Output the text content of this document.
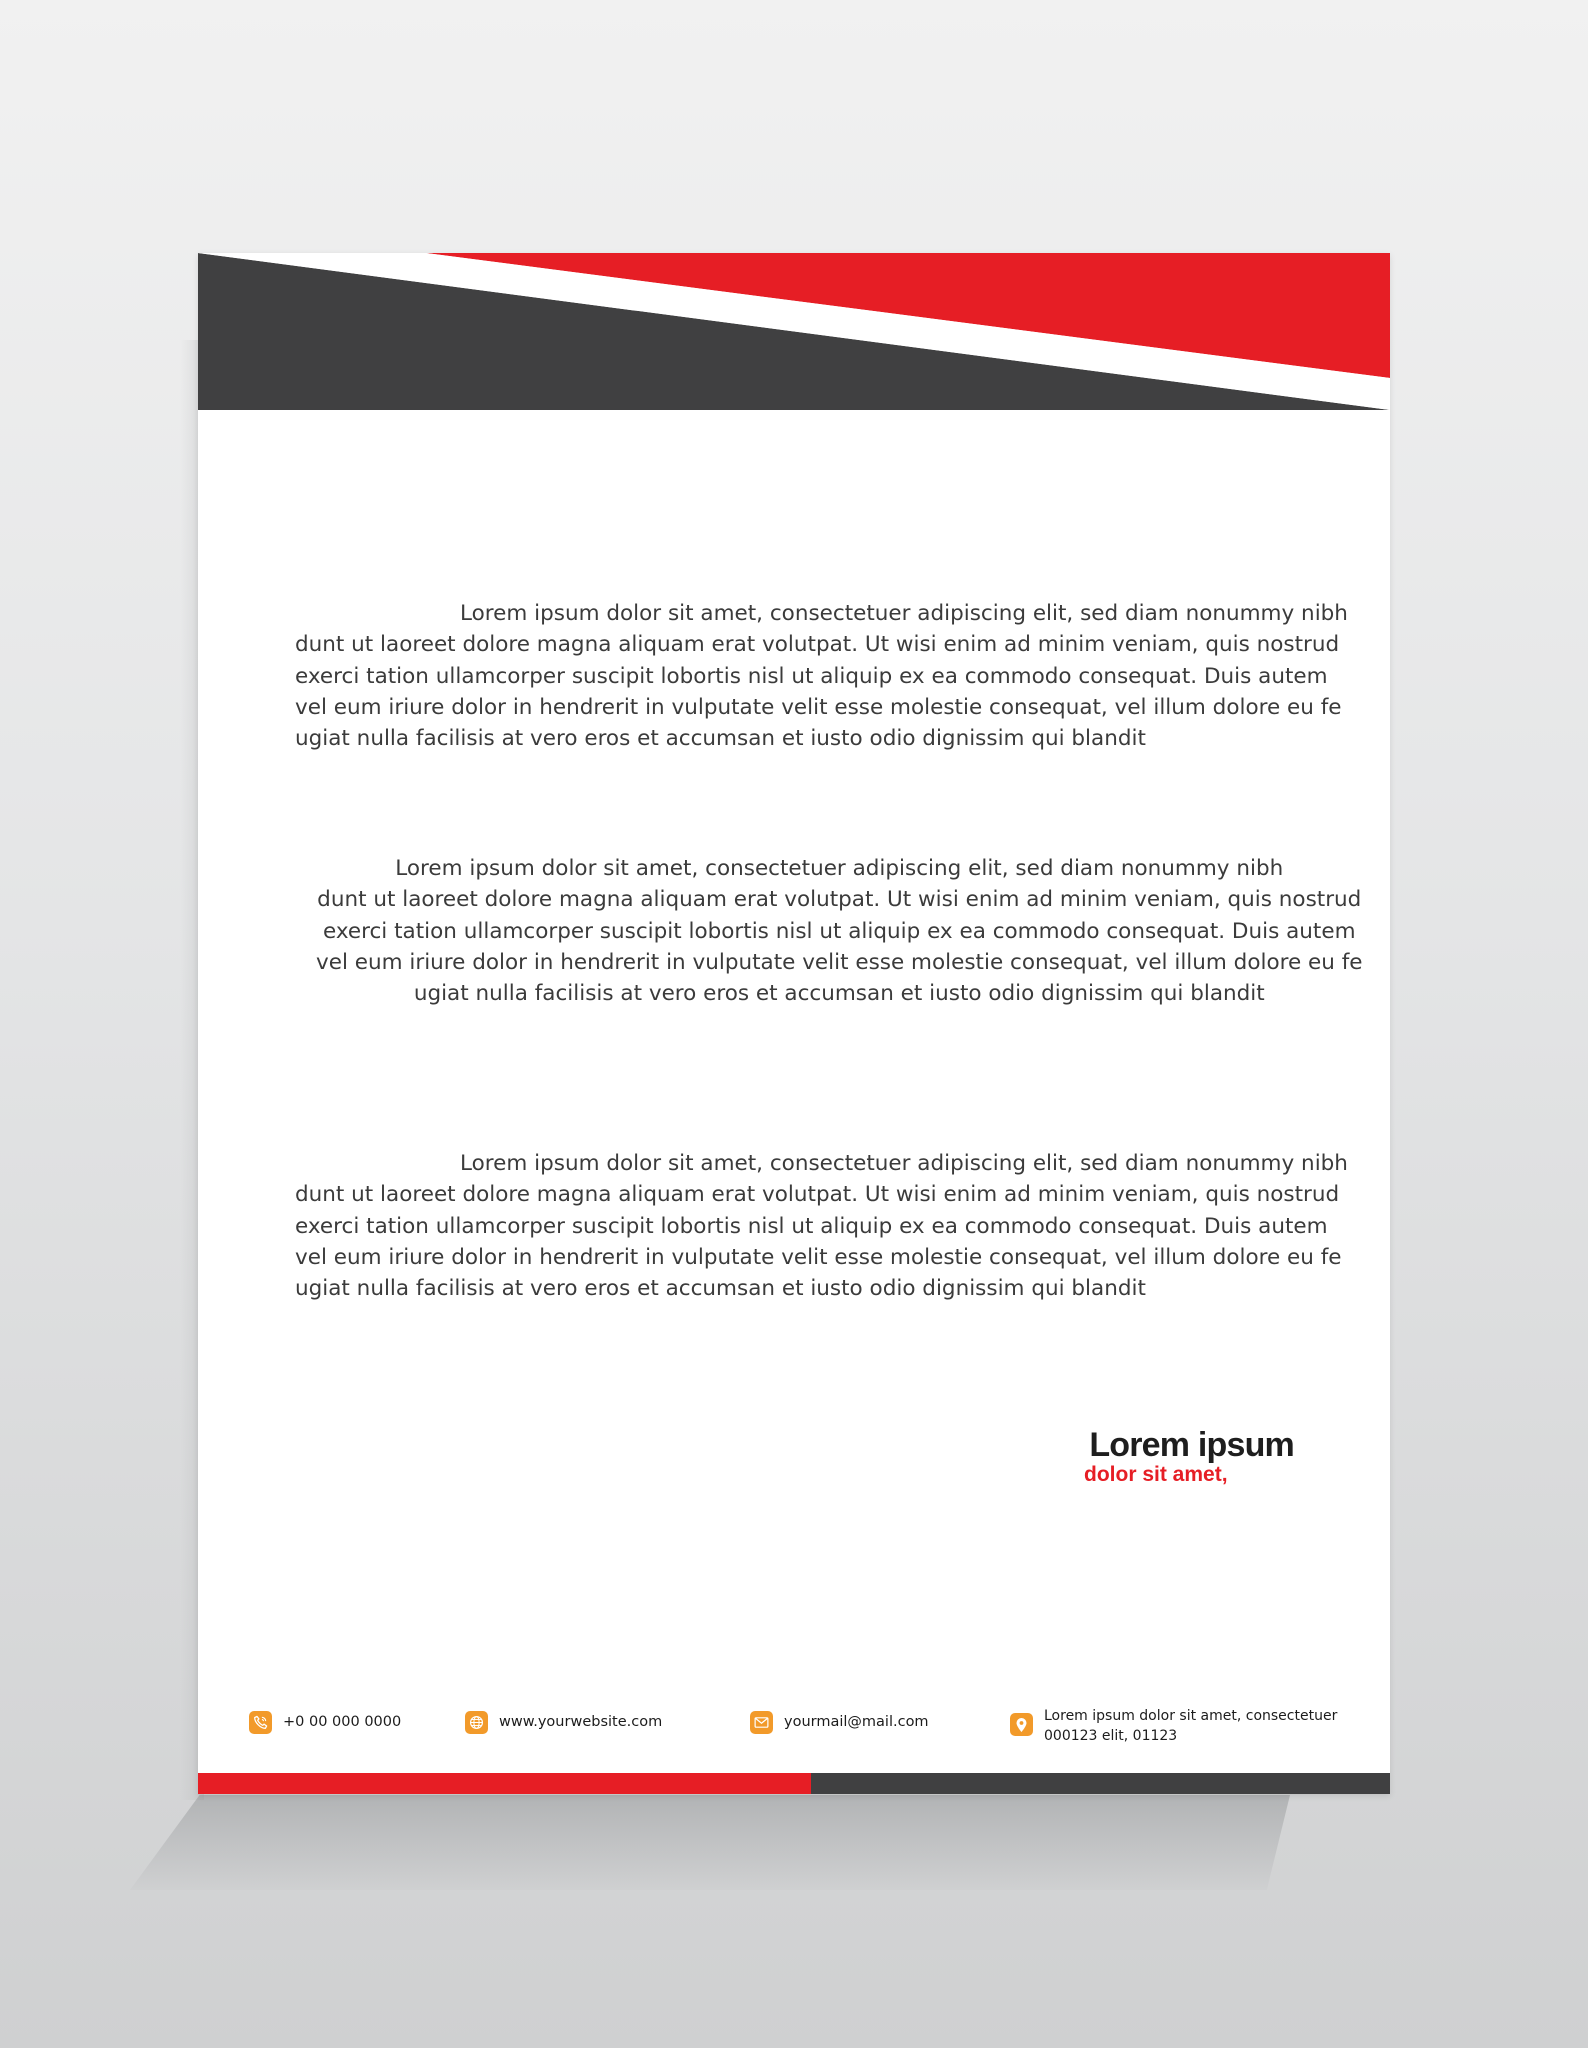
Lorem ipsum dolor sit amet, consectetuer adipiscing elit, sed diam nonummy nibh
dunt ut laoreet dolore magna aliquam erat volutpat. Ut wisi enim ad minim veniam, quis nostrud
exerci tation ullamcorper suscipit lobortis nisl ut aliquip ex ea commodo consequat. Duis autem
vel eum iriure dolor in hendrerit in vulputate velit esse molestie consequat, vel illum dolore eu fe
ugiat nulla facilisis at vero eros et accumsan et iusto odio dignissim qui blandit

Lorem ipsum dolor sit amet, consectetuer adipiscing elit, sed diam nonummy nibh
dunt ut laoreet dolore magna aliquam erat volutpat. Ut wisi enim ad minim veniam, quis nostrud
exerci tation ullamcorper suscipit lobortis nisl ut aliquip ex ea commodo consequat. Duis autem
vel eum iriure dolor in hendrerit in vulputate velit esse molestie consequat, vel illum dolore eu fe
ugiat nulla facilisis at vero eros et accumsan et iusto odio dignissim qui blandit

Lorem ipsum dolor sit amet, consectetuer adipiscing elit, sed diam nonummy nibh
dunt ut laoreet dolore magna aliquam erat volutpat. Ut wisi enim ad minim veniam, quis nostrud
exerci tation ullamcorper suscipit lobortis nisl ut aliquip ex ea commodo consequat. Duis autem
vel eum iriure dolor in hendrerit in vulputate velit esse molestie consequat, vel illum dolore eu fe
ugiat nulla facilisis at vero eros et accumsan et iusto odio dignissim qui blandit

Lorem ipsum

dolor sit amet,

+0 00 000 0000	www.yourwebsite.com	yourmail@mail.com	Lorem ipsum dolor sit amet, consectetuer
000123 elit, 01123
